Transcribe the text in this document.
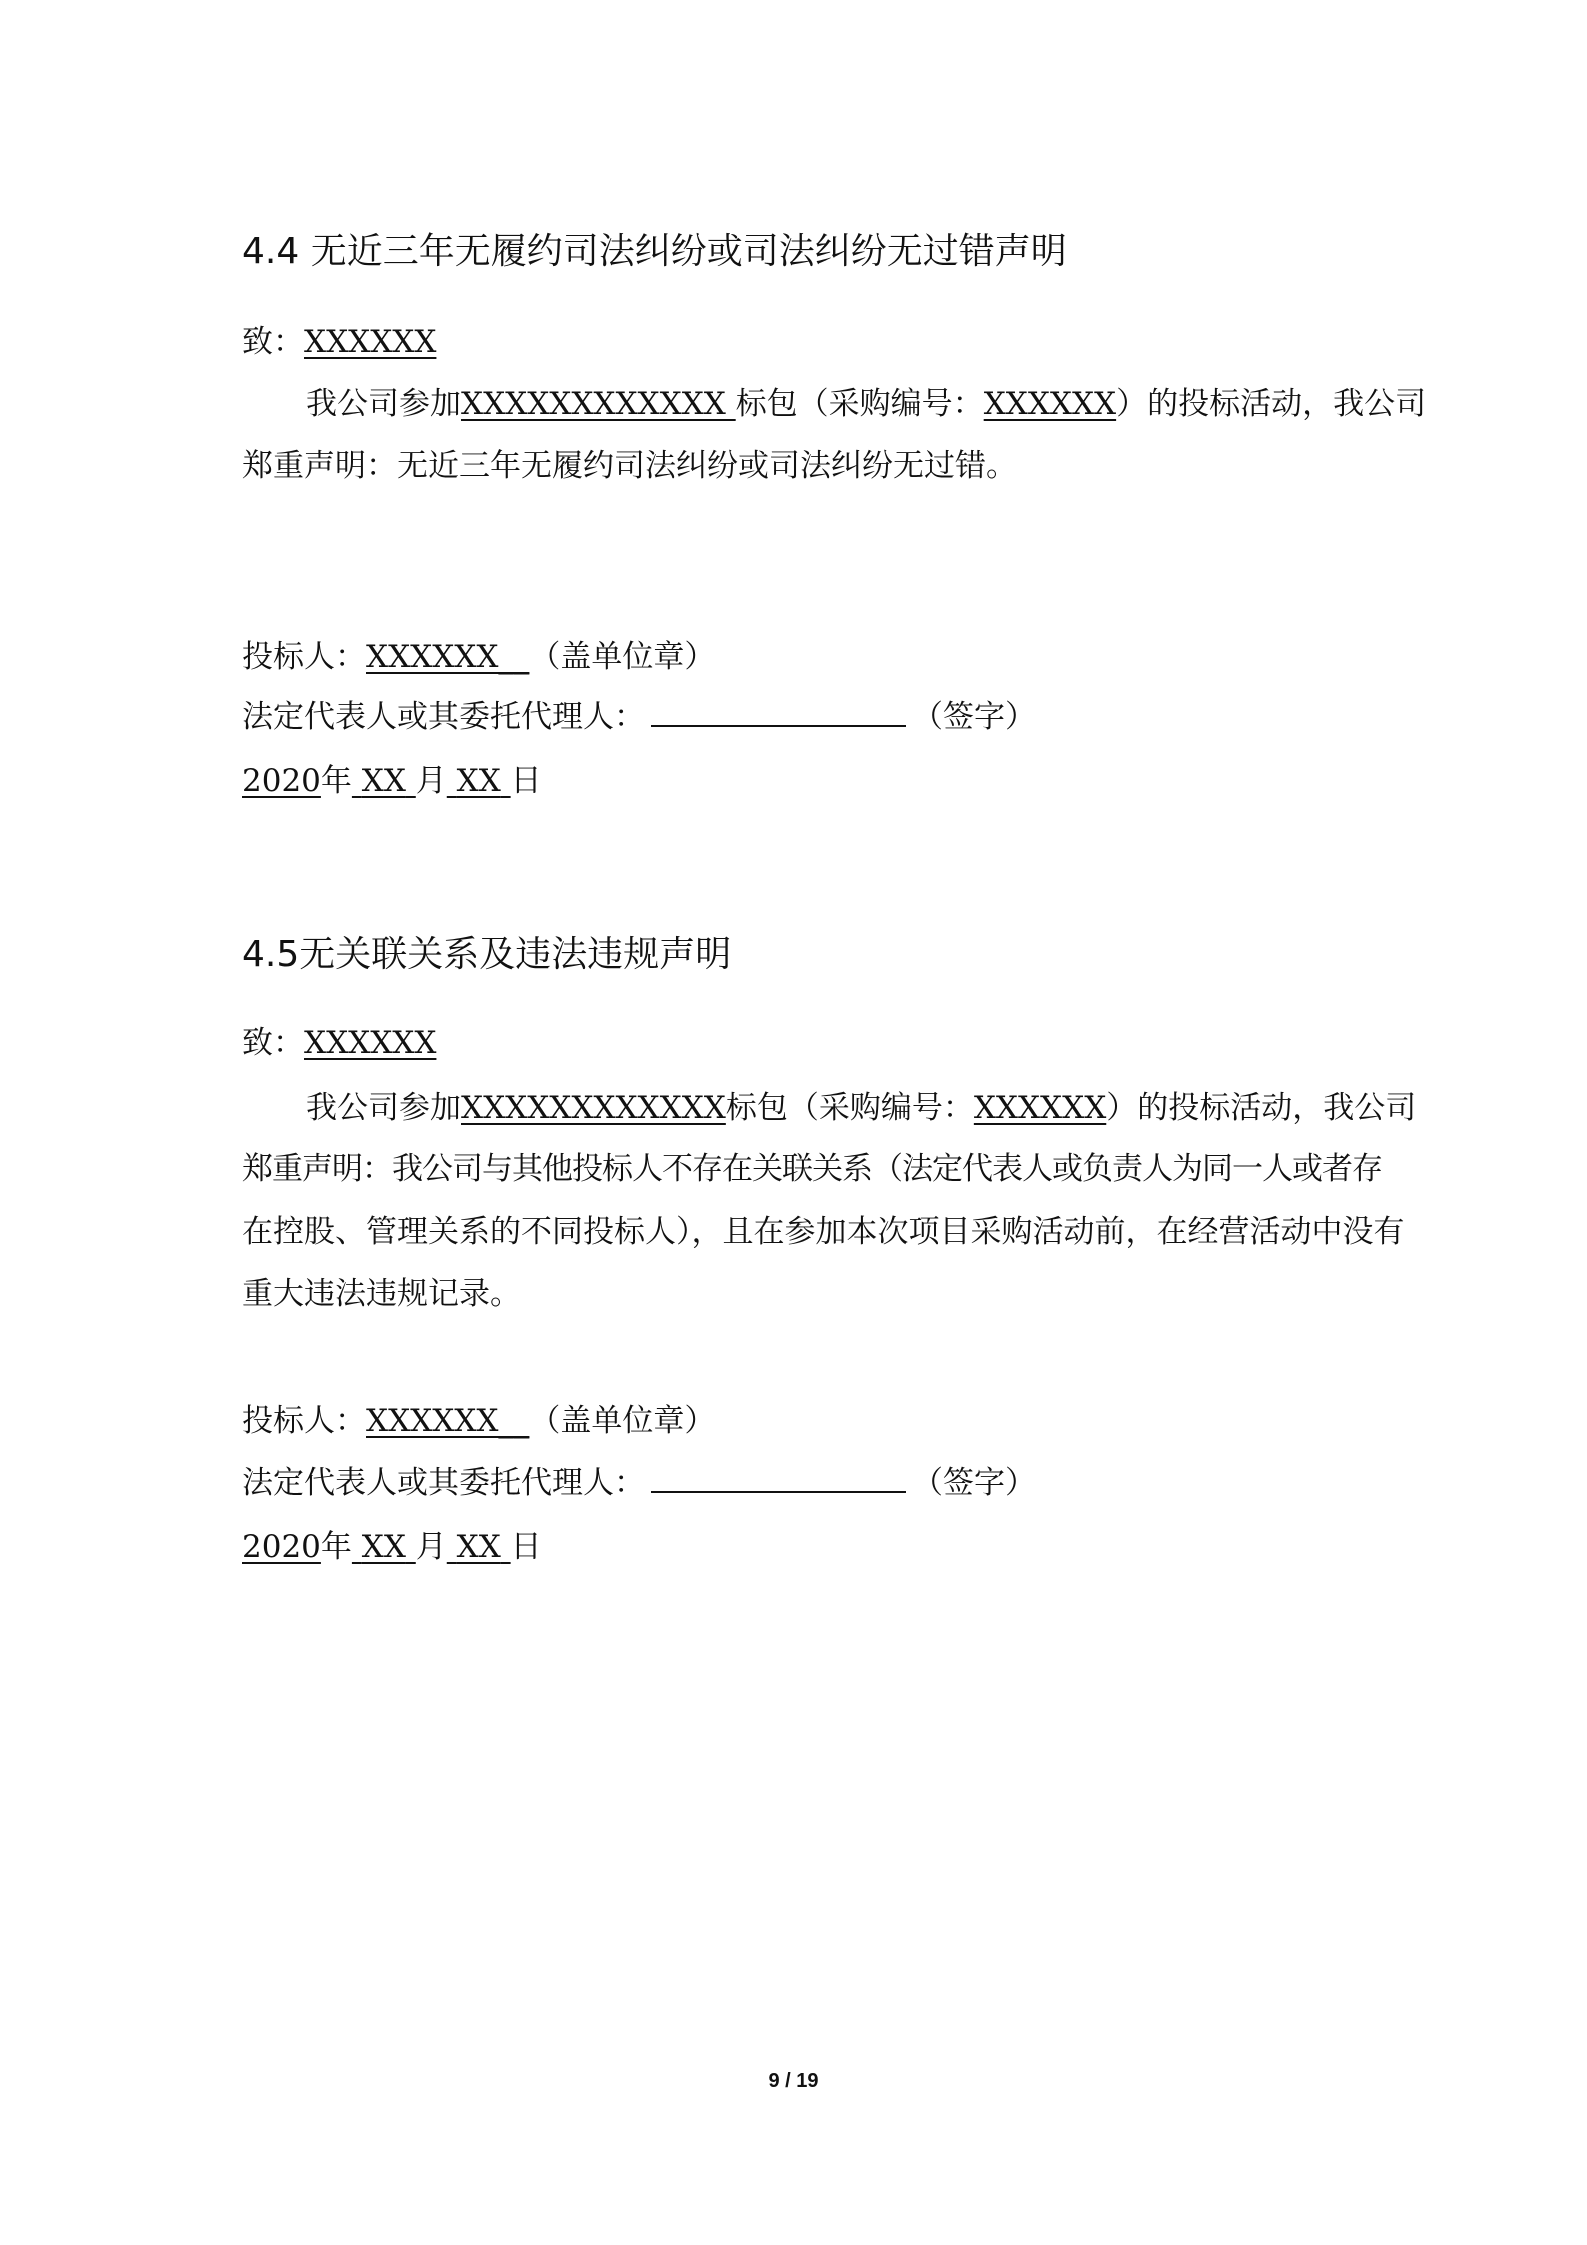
4.4 无近三年无履约司法纠纷或司法纠纷无过错声明
致：XXXXXX
我公司参加XXXXXXXXXXXX 标包（采购编号：XXXXXX）的投标活动，我公司
郑重声明：无近三年无履约司法纠纷或司法纠纷无过错。
投标人：XXXXXX__（盖单位章）
法定代表人或其委托代理人：	（签字）
2020年 XX 月 XX 日
4.5无关联关系及违法违规声明
致：XXXXXX
我公司参加XXXXXXXXXXXX标包（采购编号：XXXXXX）的投标活动，我公司
郑重声明：我公司与其他投标人不存在关联关系（法定代表人或负责人为同一人或者存
在控股、管理关系的不同投标人），且在参加本次项目采购活动前，在经营活动中没有
重大违法违规记录。
投标人：XXXXXX__（盖单位章）
法定代表人或其委托代理人：	（签字）
2020年 XX 月 XX 日
9 / 19
